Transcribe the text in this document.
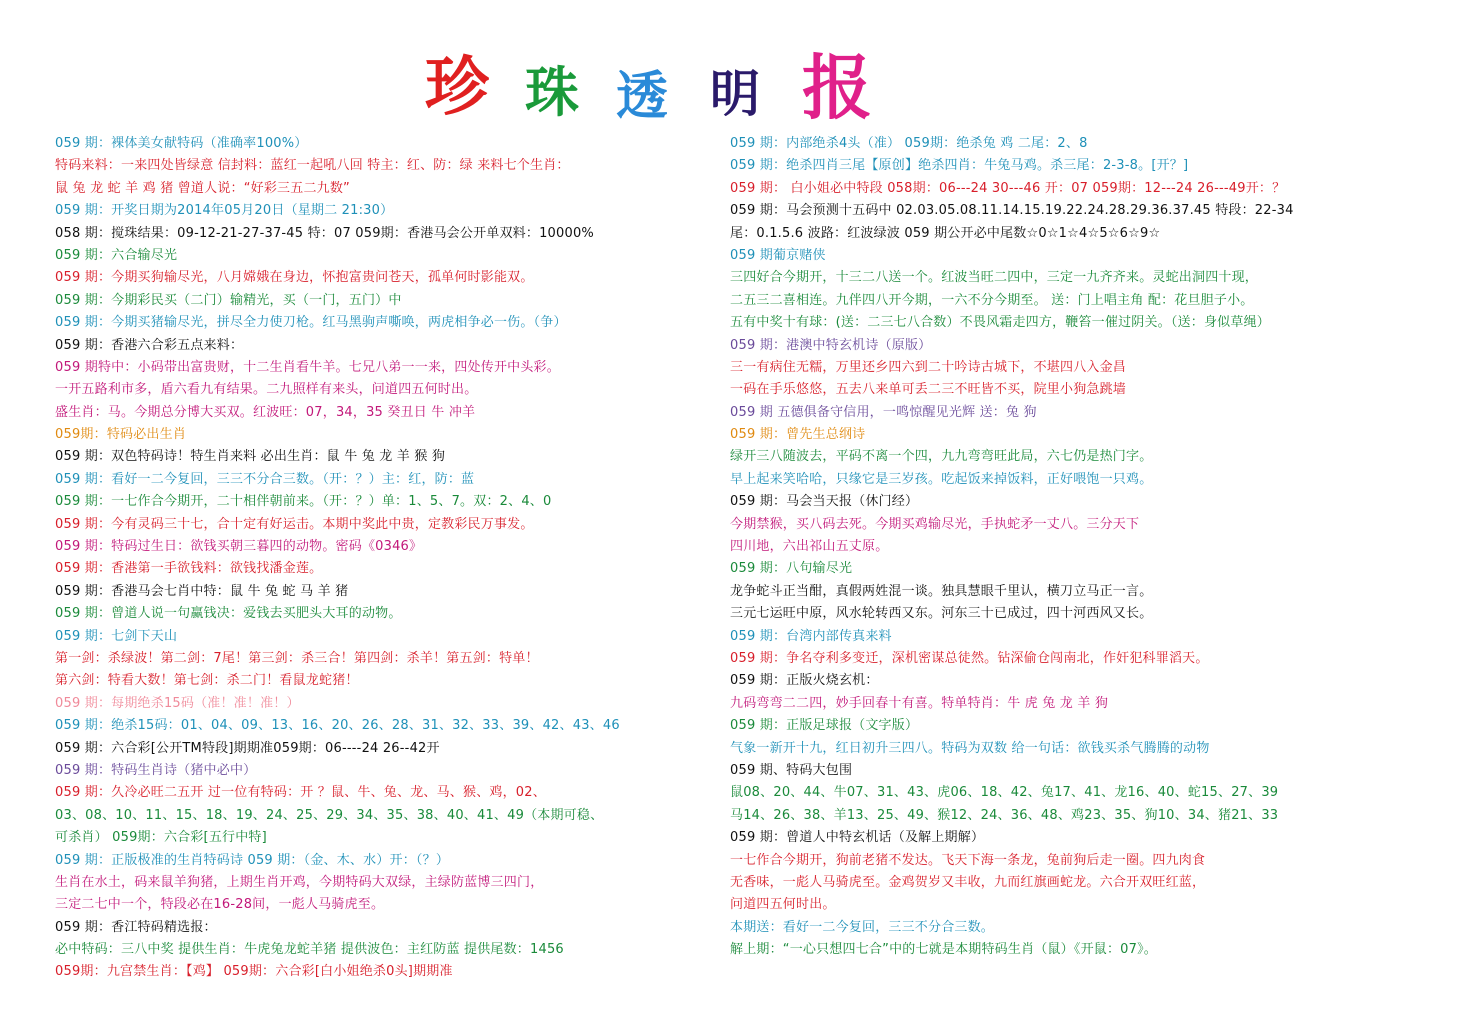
珍 珠 透 明 报
059 期：裸体美女献特码（准确率100%）
特码来料：一来四处皆绿意 信封料：蓝红一起吼八回 特主：红、防：绿 来料七个生肖：
鼠 兔 龙 蛇 羊 鸡 猪 曾道人说：“好彩三五二九数”
059 期：开奖日期为2014年05月20日（星期二 21:30）
058 期：搅珠结果：09-12-21-27-37-45 特：07 059期：香港马会公开单双料：10000%
059 期：六合输尽光
059 期：今期买狗输尽光，八月嫦娥在身边，怀抱富贵问苍天，孤单何时影能双。
059 期：今期彩民买（二门）输精光，买（一门，五门）中
059 期：今期买猪输尽光，拼尽全力使刀枪。红马黑驹声嘶唤，两虎相争必一伤。（争）
059 期：香港六合彩五点来料：
059 期特中：小码带出富贵财，十二生肖看牛羊。七兄八弟一一来，四处传开中头彩。
一开五路利市多，盾六看九有结果。二九照样有来头，问道四五何时出。
盛生肖：马。今期总分博大买双。红波旺：07，34，35 癸丑日 牛 冲羊
059期：特码必出生肖
059 期：双色特码诗！特生肖来料 必出生肖：鼠 牛 兔 龙 羊 猴 狗
059 期：看好一二今复回，三三不分合三数。（开：？）主：红，防：蓝
059 期：一七作合今期开，二十相伴朝前来。（开：？）单：1、5、7。双：2、4、0
059 期：今有灵码三十七，合十定有好运击。本期中奖此中贵，定教彩民万事发。
059 期：特码过生日：欲钱买朝三暮四的动物。密码《0346》
059 期：香港第一手欲钱料：欲钱找潘金莲。
059 期：香港马会七肖中特：鼠 牛 兔 蛇 马 羊 猪
059 期：曾道人说一句赢钱决：爱钱去买肥头大耳的动物。
059 期：七剑下天山
第一剑：杀绿波！第二剑：7尾！第三剑：杀三合！第四剑：杀羊！第五剑：特单！
第六剑：特看大数！第七剑：杀二门！看鼠龙蛇猪！
059 期：每期绝杀15码（准！准！准！）
059 期：绝杀15码：01、04、09、13、16、20、26、28、31、32、33、39、42、43、46
059 期：六合彩[公开TM特段]期期准059期：06----24 26--42开
059 期：特码生肖诗（猪中必中）
059 期：久冷必旺二五开 过一位有特码：开 ？鼠、牛、兔、龙、马、猴、鸡，02、
03、08、10、11、15、18、19、24、25、29、34、35、38、40、41、49（本期可稳、
可杀肖） 059期：六合彩[五行中特]
059 期：正版极准的生肖特码诗 059 期：（金、木、水）开：（？）
生肖在水土，码来鼠羊狗猪，上期生肖开鸡，今期特码大双绿，主绿防蓝博三四门，
三定二七中一个，特段必在16-28间，一彪人马骑虎至。
059 期：香江特码精选报：
必中特码：三八中奖 提供生肖：牛虎兔龙蛇羊猪 提供波色：主红防蓝 提供尾数：1456
059期：九宫禁生肖：【鸡】 059期：六合彩[白小姐绝杀0头]期期准
059 期：内部绝杀4头（准） 059期：绝杀兔 鸡 二尾：2、8
059 期：绝杀四肖三尾【原创】绝杀四肖：牛兔马鸡。杀三尾：2-3-8。[开？]
059 期： 白小姐必中特段 058期：06---24 30---46 开：07 059期：12---24 26---49开：？
059 期：马会预测十五码中 02.03.05.08.11.14.15.19.22.24.28.29.36.37.45 特段：22-34
尾：0.1.5.6 波路：红波绿波 059 期公开必中尾数☆0☆1☆4☆5☆6☆9☆
059 期葡京赌侠
三四好合今期开，十三二八送一个。红波当旺二四中，三定一九齐齐来。灵蛇出洞四十现，
二五三二喜相连。九伴四八开今期，一六不分今期至。 送：门上唱主角 配：花旦胆子小。
五有中奖十有球：(送：二三七八合数）不畏风霜走四方，鞭笞一催过阴关。（送：身似草绳）
059 期：港澳中特玄机诗（原版）
三一有病住无糯，万里还乡四六到二十吟诗古城下，不堪四八入金昌
一码在手乐悠悠，五去八来单可丢二三不旺皆不买，院里小狗急跳墙
059 期 五德俱备守信用，一鸣惊醒见光辉 送：兔 狗
059 期：曾先生总纲诗
绿开三八随波去，平码不离一个四，九九弯弯旺此局，六七仍是热门字。
早上起来笑哈哈，只缘它是三岁孩。吃起饭来掉饭料，正好喂饱一只鸡。
059 期：马会当天报（休门经）
今期禁猴，买八码去死。今期买鸡输尽光，手执蛇矛一丈八。三分天下
四川地，六出祁山五丈原。
059 期：八句输尽光
龙争蛇斗正当酣，真假两姓混一谈。独具慧眼千里认，横刀立马正一言。
三元七运旺中原，风水轮转西又东。河东三十已成过，四十河西风又长。
059 期：台湾内部传真来料
059 期：争名夺利多变迁，深机密谋总徒然。钻深偷仓闯南北，作奸犯科罪滔天。
059 期：正版火烧玄机：
九码弯弯二二四，妙手回春十有喜。特单特肖：牛 虎 兔 龙 羊 狗
059 期：正版足球报（文字版）
气象一新开十九，红日初升三四八。特码为双数 给一句话：欲钱买杀气腾腾的动物
059 期、特码大包围
鼠08、20、44、牛07、31、43、虎06、18、42、兔17、41、龙16、40、蛇15、27、39
马14、26、38、羊13、25、49、猴12、24、36、48、鸡23、35、狗10、34、猪21、33
059 期：曾道人中特玄机话（及解上期解）
一七作合今期开，狗前老猪不发达。飞天下海一条龙，兔前狗后走一圈。四九肉食
无香味，一彪人马骑虎至。金鸡贺岁又丰收，九而红旗画蛇龙。六合开双旺红蓝，
问道四五何时出。
本期送：看好一二今复回，三三不分合三数。
解上期：“一心只想四七合”中的七就是本期特码生肖（鼠）《开鼠：07》。
